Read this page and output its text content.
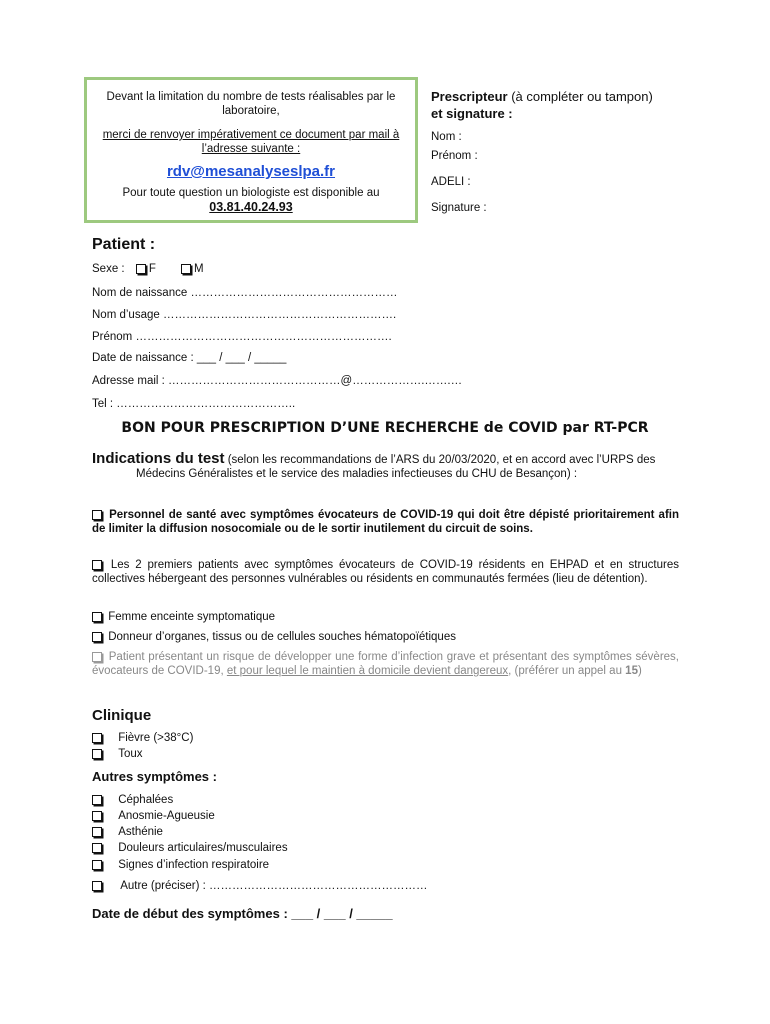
Devant la limitation du nombre de tests réalisables par le laboratoire,
merci de renvoyer impérativement ce document par mail à l’adresse suivante :
rdv@mesanalyseslpa.fr
Pour toute question un biologiste est disponible au
03.81.40.24.93
Prescripteur (à compléter ou tampon)
et signature :
Nom :
Prénom :
ADELI :
Signature :
Patient :
Sexe : F	M
Nom de naissance ………………………………………………
Nom d’usage …………………………………………………….
Prénom ………………………………………………………….
Date de naissance : ___ / ___ / _____
Adresse mail : ………………………………………@……………….…….…
Tel : ………………………………………..
BON POUR PRESCRIPTION D’UNE RECHERCHE de COVID par RT-PCR
Indications du test (selon les recommandations de l’ARS du 20/03/2020, et en accord avec l’URPS des
Médecins Généralistes et le service des maladies infectieuses du CHU de Besançon) :
Personnel de santé avec symptômes évocateurs de COVID-19 qui doit être dépisté prioritairement afin de limiter la diffusion nosocomiale ou de le sortir inutilement du circuit de soins.
Les 2 premiers patients avec symptômes évocateurs de COVID-19 résidents en EHPAD et en structures collectives hébergeant des personnes vulnérables ou résidents en communautés fermées (lieu de détention).
Femme enceinte symptomatique
Donneur d’organes, tissus ou de cellules souches hématopoïétiques
Patient présentant un risque de développer une forme d’infection grave et présentant des symptômes sévères, évocateurs de COVID-19, et pour lequel le maintien à domicile devient dangereux, (préférer un appel au 15)
Clinique
Fièvre (>38°C)
Toux
Autres symptômes :
Céphalées
Anosmie-Agueusie
Asthénie
Douleurs articulaires/musculaires
Signes d’infection respiratoire
Autre (préciser) : …………………………………………………
Date de début des symptômes : ___ / ___ / _____
